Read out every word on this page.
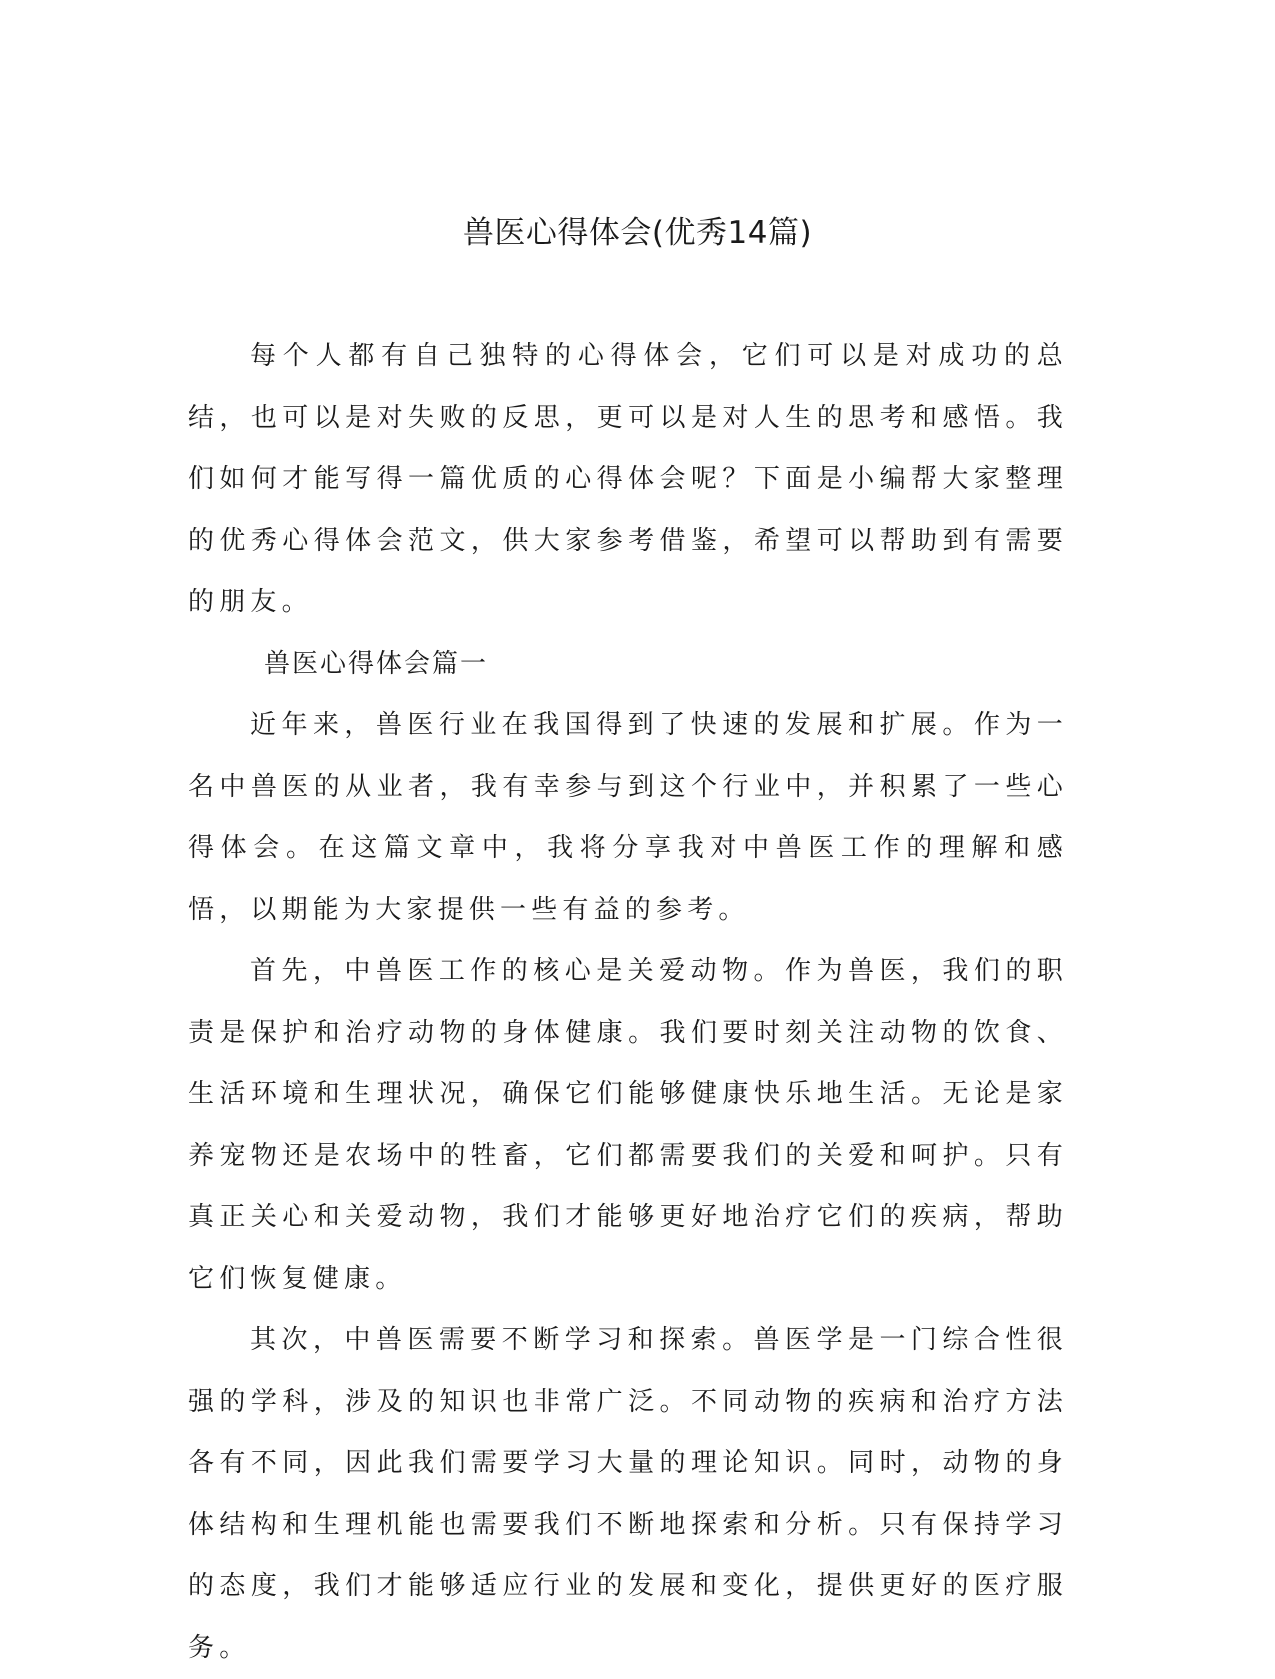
兽医心得体会(优秀14篇)

每个人都有自己独特的心得体会，它们可以是对成功的总结，也可以是对失败的反思，更可以是对人生的思考和感悟。我们如何才能写得一篇优质的心得体会呢？下面是小编帮大家整理的优秀心得体会范文，供大家参考借鉴，希望可以帮助到有需要的朋友。

兽医心得体会篇一

近年来，兽医行业在我国得到了快速的发展和扩展。作为一名中兽医的从业者，我有幸参与到这个行业中，并积累了一些心得体会。在这篇文章中，我将分享我对中兽医工作的理解和感悟，以期能为大家提供一些有益的参考。

首先，中兽医工作的核心是关爱动物。作为兽医，我们的职责是保护和治疗动物的身体健康。我们要时刻关注动物的饮食、生活环境和生理状况，确保它们能够健康快乐地生活。无论是家养宠物还是农场中的牲畜，它们都需要我们的关爱和呵护。只有真正关心和关爱动物，我们才能够更好地治疗它们的疾病，帮助它们恢复健康。

其次，中兽医需要不断学习和探索。兽医学是一门综合性很强的学科，涉及的知识也非常广泛。不同动物的疾病和治疗方法各有不同，因此我们需要学习大量的理论知识。同时，动物的身体结构和生理机能也需要我们不断地探索和分析。只有保持学习的态度，我们才能够适应行业的发展和变化，提供更好的医疗服务。
